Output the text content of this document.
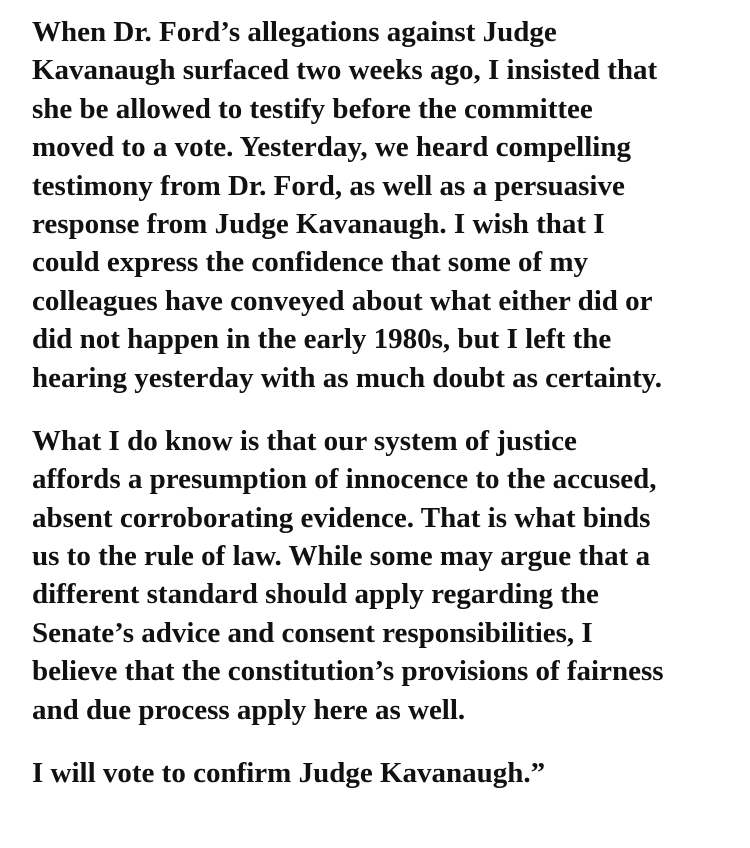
When Dr. Ford’s allegations against Judge
Kavanaugh surfaced two weeks ago, I insisted that
she be allowed to testify before the committee
moved to a vote. Yesterday, we heard compelling
testimony from Dr. Ford, as well as a persuasive
response from Judge Kavanaugh. I wish that I
could express the confidence that some of my
colleagues have conveyed about what either did or
did not happen in the early 1980s, but I left the
hearing yesterday with as much doubt as certainty.

What I do know is that our system of justice
affords a presumption of innocence to the accused,
absent corroborating evidence. That is what binds
us to the rule of law. While some may argue that a
different standard should apply regarding the
Senate’s advice and consent responsibilities, I
believe that the constitution’s provisions of fairness
and due process apply here as well.

I will vote to confirm Judge Kavanaugh.”
